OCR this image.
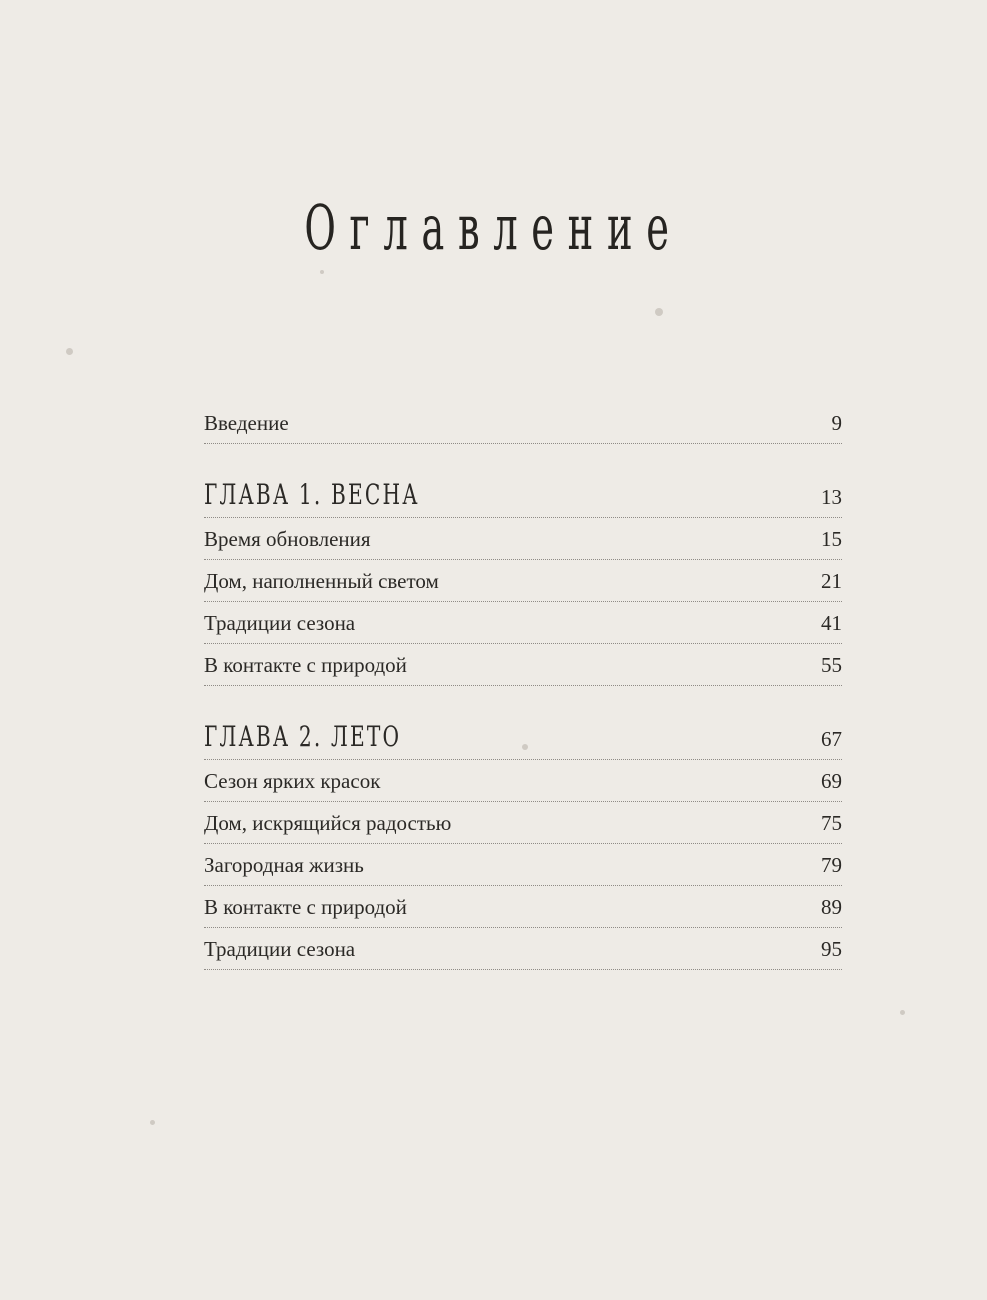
Оглавление
Введение	9
ГЛАВА 1. ВЕСНА	13
Время обновления	15
Дом, наполненный светом	21
Традиции сезона	41
В контакте с природой	55
ГЛАВА 2. ЛЕТО	67
Сезон ярких красок	69
Дом, искрящийся радостью	75
Загородная жизнь	79
В контакте с природой	89
Традиции сезона	95
